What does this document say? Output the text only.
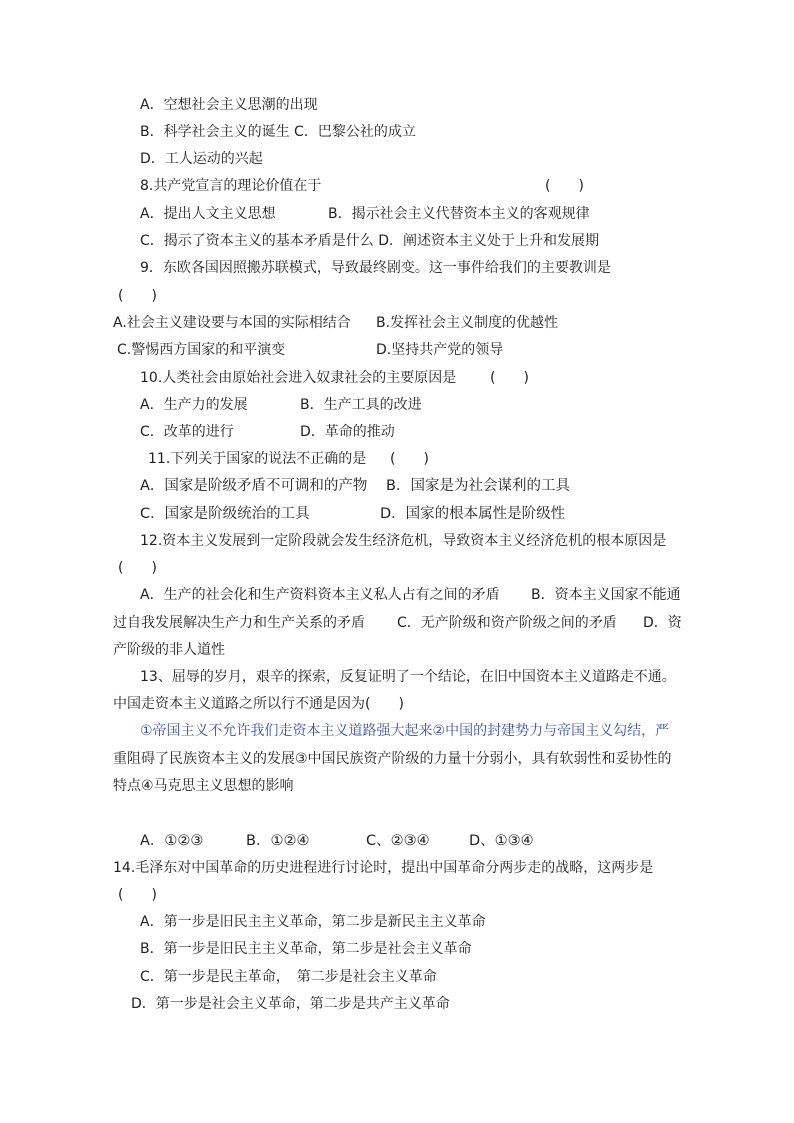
A．空想社会主义思潮的出现
B．科学社会主义的诞生 C．巴黎公社的成立
D．工人运动的兴起
8.共产党宣言的理论价值在于	(　　)
A．提出人文主义思想	B．揭示社会主义代替资本主义的客观规律
C．揭示了资本主义的基本矛盾是什么 D．阐述资本主义处于上升和发展期
9．东欧各国因照搬苏联模式，导致最终剧变。这一事件给我们的主要教训是
(　　)
A.社会主义建设要与本国的实际相结合 B.发挥社会主义制度的优越性
C.警惕西方国家的和平演变	D.坚持共产党的领导
10.人类社会由原始社会进入奴隶社会的主要原因是 (　　)
A．生产力的发展	B．生产工具的改进
C．改革的进行	D．革命的推动
11.下列关于国家的说法不正确的是 (　　)
A．国家是阶级矛盾不可调和的产物 B．国家是为社会谋利的工具
C．国家是阶级统治的工具	D．国家的根本属性是阶级性
12.资本主义发展到一定阶段就会发生经济危机，导致资本主义经济危机的根本原因是
(　　)
A．生产的社会化和生产资料资本主义私人占有之间的矛盾 B．资本主义国家不能通
过自我发展解决生产力和生产关系的矛盾 C．无产阶级和资产阶级之间的矛盾 D．资
产阶级的非人道性
13、屈辱的岁月，艰辛的探索，反复证明了一个结论，在旧中国资本主义道路走不通。
中国走资本主义道路之所以行不通是因为(　　)
①帝国主义不允许我们走资本主义道路强大起来②中国的封建势力与帝国主义勾结，严
重阻碍了民族资本主义的发展③中国民族资产阶级的力量十分弱小，具有软弱性和妥协性的
特点④马克思主义思想的影响
A．①②③	B．①②④	C、②③④	D、①③④
14.毛泽东对中国革命的历史进程进行讨论时，提出中国革命分两步走的战略，这两步是
(　　)
A．第一步是旧民主主义革命，第二步是新民主主义革命
B．第一步是旧民主主义革命，第二步是社会主义革命
C．第一步是民主革命，　第二步是社会主义革命
D．第一步是社会主义革命，第二步是共产主义革命
